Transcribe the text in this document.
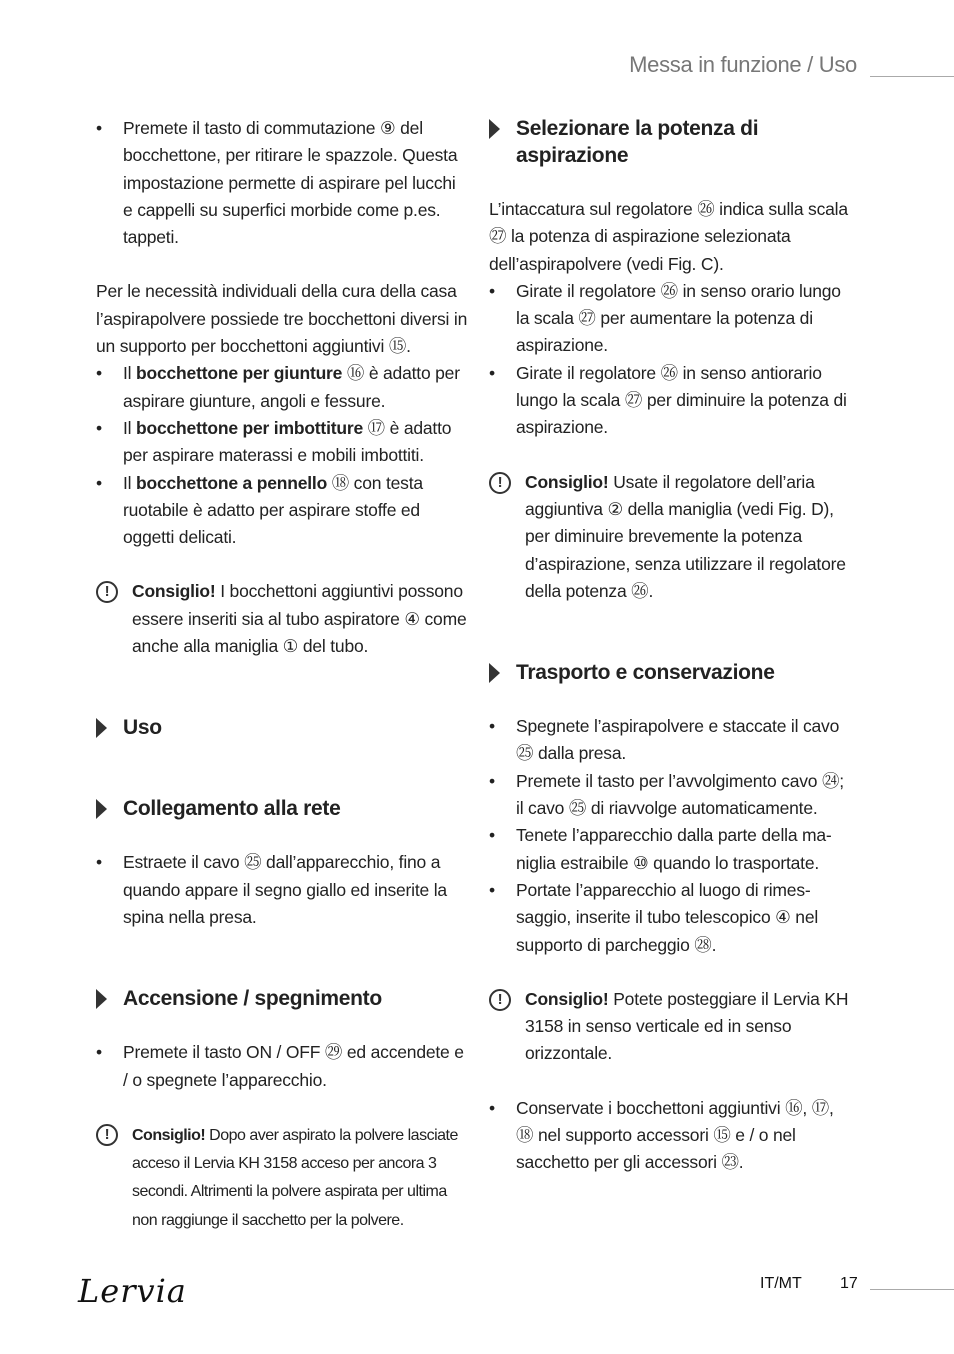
Messa in funzione / Uso
• Premete il tasto di commutazione ⑨ del bocchettone, per ritirare le spazzole. Questa impostazione permette di aspirare pel lucchi e cappelli su superfici morbide come p.es. tappeti.

Per le necessità individuali della cura della casa l’aspirapolvere possiede tre bocchettoni diversi in un supporto per bocchettoni aggiuntivi ⑮.

• Il bocchettone per giunture ⑯ è adatto per aspirare giunture, angoli e fessure.
• Il bocchettone per imbottiture ⑰ è adatto per aspirare materassi e mobili imbottiti.
• Il bocchettone a pennello ⑱ con testa ruotabile è adatto per aspirare stoffe ed oggetti delicati.
!	Consiglio! I bocchettoni aggiuntivi possono essere inseriti sia al tubo aspiratore ④ come anche alla maniglia ① del tubo.
Uso
Collegamento alla rete
• Estraete il cavo ㉕ dall’apparecchio, fino a quando appare il segno giallo ed inserite la spina nella presa.
Accensione / spegnimento
• Premete il tasto ON / OFF ㉙ ed accendete e / o spegnete l’apparecchio.
!	Consiglio! Dopo aver aspirato la polvere lasciate acceso il Lervia KH 3158 acceso per ancora 3 secondi. Altrimenti la polvere aspirata per ultima non raggiunge il sacchetto per la polvere.
Selezionare la potenza di aspirazione

L’intaccatura sul regolatore ㉖ indica sulla scala ㉗ la potenza di aspirazione selezionata dell’aspirapolvere (vedi Fig. C).

• Girate il regolatore ㉖ in senso orario lungo la scala ㉗ per aumentare la potenza di aspirazione.
• Girate il regolatore ㉖ in senso antiorario lungo la scala ㉗ per diminuire la potenza di aspirazione.
!	Consiglio! Usate il regolatore dell’aria aggiuntiva ② della maniglia (vedi Fig. D), per diminuire brevemente la potenza d’aspirazione, senza utilizzare il regolatore della potenza ㉖.
Trasporto e conservazione
• Spegnete l’aspirapolvere e staccate il cavo ㉕ dalla presa.
• Premete il tasto per l’avvolgimento cavo ㉔; il cavo ㉕ di riavvolge automaticamente.
• Tenete l’apparecchio dalla parte della ma-niglia estraibile ⑩ quando lo trasportate.
• Portate l’apparecchio al luogo di rimes-saggio, inserite il tubo telescopico ④ nel supporto di parcheggio ㉘.
!	Consiglio! Potete posteggiare il Lervia KH 3158 in senso verticale ed in senso orizzontale.
• Conservate i bocchettoni aggiuntivi ⑯, ⑰, ⑱ nel supporto accessori ⑮ e / o nel sacchetto per gli accessori ㉓.
Lervia	IT/MT 17
